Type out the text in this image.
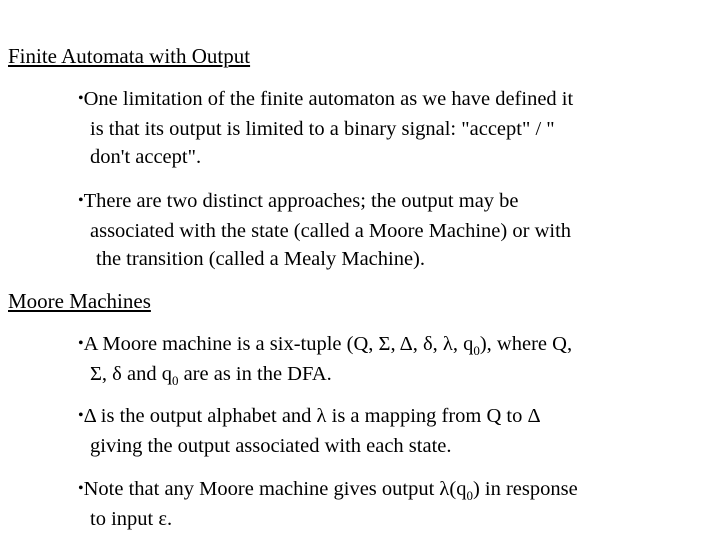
Finite Automata with Output
•One limitation of the finite automaton as we have defined it
is that its output is limited to a binary signal: "accept" / "
don't accept".
•There are two distinct approaches; the output may be
associated with the state (called a Moore Machine) or with
the transition (called a Mealy Machine).
Moore Machines
•A Moore machine is a six-tuple (Q, Σ, Δ, δ, λ, $q_0$), where Q,
Σ, δ and $q_0$ are as in the DFA.
•Δ is the output alphabet and λ is a mapping from Q to Δ
giving the output associated with each state.
•Note that any Moore machine gives output $\lambda(q_0)$ in response
to input ε.
